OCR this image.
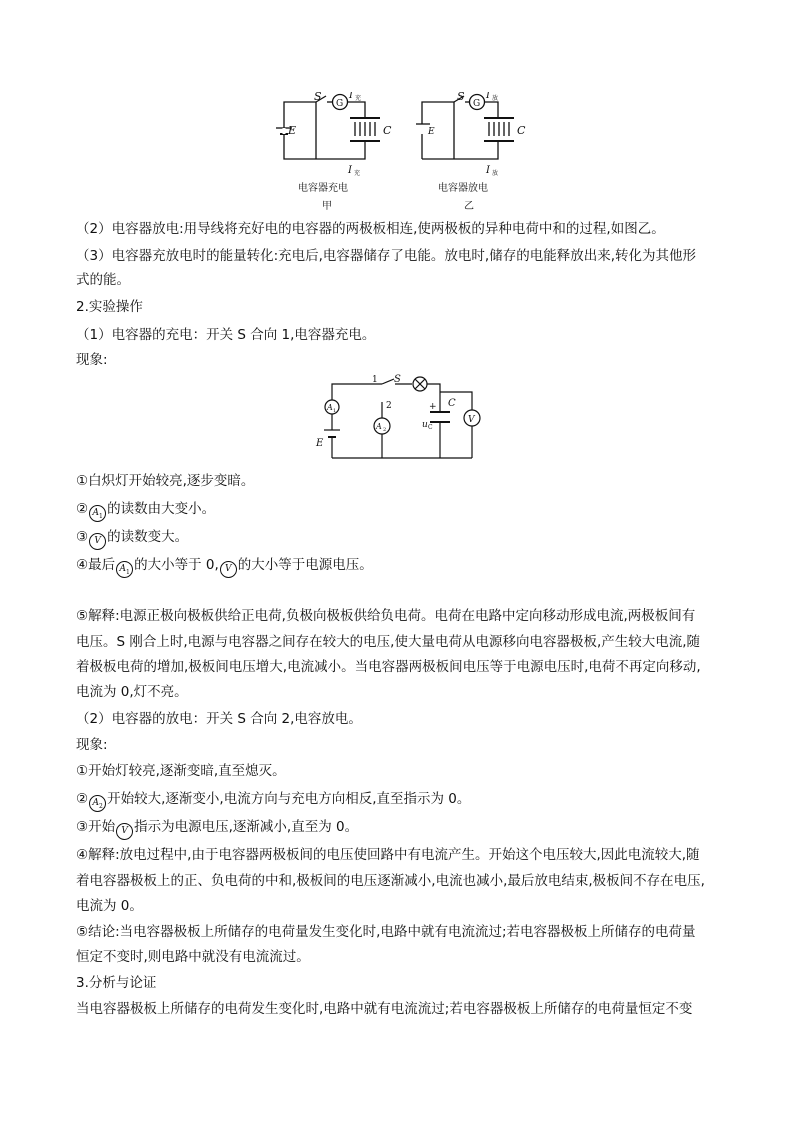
E
S
G
I 充
C
I 充
电容器充电
甲
E
S
G
I 放
C
I 放
电容器放电
乙
（2）电容器放电:用导线将充好电的电容器的两极板相连,使两极板的异种电荷中和的过程,如图乙。
（3）电容器充放电时的能量转化:充电后,电容器储存了电能。放电时,储存的电能释放出来,转化为其他形
式的能。
2.实验操作
（1）电容器的充电：开关 S 合向 1,电容器充电。
现象:
1 S
2
A 1
A 2
+ C
u C
V
E
①白炽灯开始较亮,逐步变暗。
② $A_1$ 的读数由大变小。
③ V 的读数变大。
④最后 $A_1$ 的大小等于 0, V 的大小等于电源电压。
⑤解释:电源正极向极板供给正电荷,负极向极板供给负电荷。电荷在电路中定向移动形成电流,两极板间有
电压。S 刚合上时,电源与电容器之间存在较大的电压,使大量电荷从电源移向电容器极板,产生较大电流,随
着极板电荷的增加,极板间电压增大,电流减小。当电容器两极板间电压等于电源电压时,电荷不再定向移动,
电流为 0,灯不亮。
（2）电容器的放电：开关 S 合向 2,电容放电。
现象:
①开始灯较亮,逐渐变暗,直至熄灭。
② $A_2$ 开始较大,逐渐变小,电流方向与充电方向相反,直至指示为 0。
③开始 V 指示为电源电压,逐渐减小,直至为 0。
④解释:放电过程中,由于电容器两极板间的电压使回路中有电流产生。开始这个电压较大,因此电流较大,随
着电容器极板上的正、负电荷的中和,极板间的电压逐渐减小,电流也减小,最后放电结束,极板间不存在电压,
电流为 0。
⑤结论:当电容器极板上所储存的电荷量发生变化时,电路中就有电流流过;若电容器极板上所储存的电荷量
恒定不变时,则电路中就没有电流流过。
3.分析与论证
当电容器极板上所储存的电荷发生变化时,电路中就有电流流过;若电容器极板上所储存的电荷量恒定不变
